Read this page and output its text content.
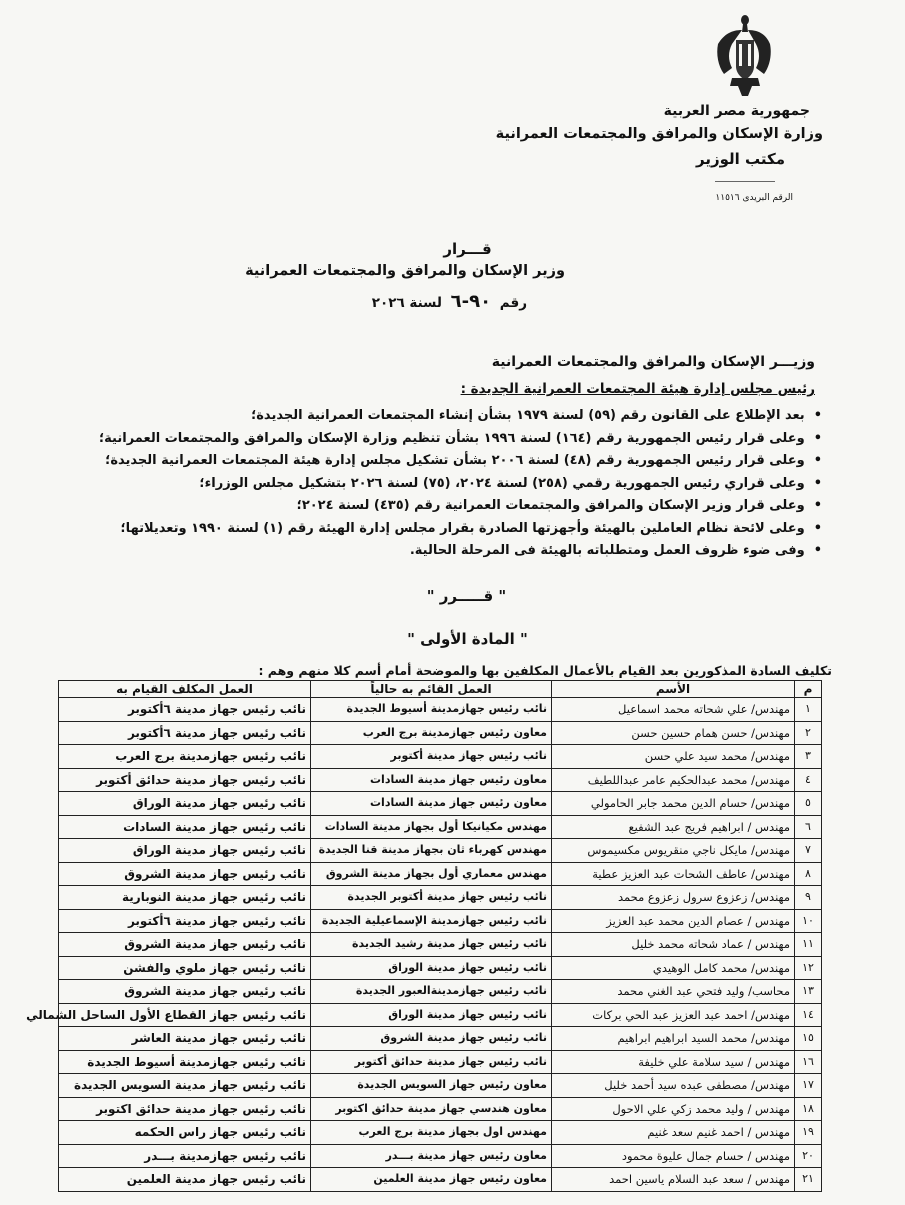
جمهورية مصر العربية
وزارة الإسكان والمرافق والمجتمعات العمرانية
مكتب الوزير
الرقم البريدى ١١٥١٦
قـــرار
وزير الإسكان والمرافق والمجتمعات العمرانية
رقم ٩٠-٦ لسنة ٢٠٢٦
وزيـــر الإسكان والمرافق والمجتمعات العمرانية
رئيس مجلس إدارة هيئة المجتمعات العمرانية الجديدة :
• بعد الإطلاع على القانون رقم (٥٩) لسنة ١٩٧٩ بشأن إنشاء المجتمعات العمرانية الجديدة؛
• وعلى قرار رئيس الجمهورية رقم (١٦٤) لسنة ١٩٩٦ بشأن تنظيم وزارة الإسكان والمرافق والمجتمعات العمرانية؛
• وعلى قرار رئيس الجمهورية رقم (٤٨) لسنة ٢٠٠٦ بشأن تشكيل مجلس إدارة هيئة المجتمعات العمرانية الجديدة؛
• وعلى قراري رئيس الجمهورية رقمي (٢٥٨) لسنة ٢٠٢٤، (٧٥) لسنة ٢٠٢٦ بتشكيل مجلس الوزراء؛
• وعلى قرار وزير الإسكان والمرافق والمجتمعات العمرانية رقم (٤٣٥) لسنة ٢٠٢٤؛
• وعلى لائحة نظام العاملين بالهيئة وأجهزتها الصادرة بقرار مجلس إدارة الهيئة رقم (١) لسنة ١٩٩٠ وتعديلاتها؛
• وفى ضوء ظروف العمل ومتطلباته بالهيئة فى المرحلة الحالية.
" قـــــرر "
" المادة الأولى "
تكليف السادة المذكورين بعد القيام بالأعمال المكلفين بها والموضحة أمام أسم كلا منهم وهم :
م	الأسم	العمل القائم به حالياً	العمل المكلف القيام به
١	مهندس/ علي شحاته محمد اسماعيل	نائب رئيس جهازمدينة أسيوط الجديدة	نائب رئيس جهاز مدينة ٦أكتوبر
٢	مهندس/ حسن همام حسين حسن	معاون رئيس جهازمدينة برج العرب	نائب رئيس جهاز مدينة ٦أكتوبر
٣	مهندس/ محمد سيد علي حسن	نائب رئيس جهاز مدينة أكتوبر	نائب رئيس جهازمدينة برج العرب
٤	مهندس/ محمد عبدالحكيم عامر عبداللطيف	معاون رئيس جهاز مدينة السادات	نائب رئيس جهاز مدينة حدائق أكتوبر
٥	مهندس/ حسام الدين محمد جابر الحامولي	معاون رئيس جهاز مدينة السادات	نائب رئيس جهاز مدينة الوراق
٦	مهندس / ابراهيم فريج عبد الشفيع	مهندس مكيانيكا أول بجهاز مدينة السادات	نائب رئيس جهاز مدينة السادات
٧	مهندس/ مايكل ناجي منقريوس مكسيموس	مهندس كهرباء ثان بجهاز مدينة قنا الجديدة	نائب رئيس جهاز مدينة الوراق
٨	مهندس/ عاطف الشحات عبد العزيز عطية	مهندس معماري أول بجهاز مدينة الشروق	نائب رئيس جهاز مدينة الشروق
٩	مهندس/ زعزوع سرول زعزوع محمد	نائب رئيس جهاز مدينة أكتوبر الجديدة	نائب رئيس جهاز مدينة النوبارية
١٠	مهندس / عصام الدين محمد عبد العزيز	نائب رئيس جهازمدينة الإسماعيلية الجديدة	نائب رئيس جهاز مدينة ٦أكتوبر
١١	مهندس / عماد شحاته محمد خليل	نائب رئيس جهاز مدينة رشيد الجديدة	نائب رئيس جهاز مدينة الشروق
١٢	مهندس/ محمد كامل الوهيدي	نائب رئيس جهاز مدينة الوراق	نائب رئيس جهاز ملوي والفشن
١٣	محاسب/ وليد فتحي عبد الغني محمد	نائب رئيس جهازمدينةالعبور الجديدة	نائب رئيس جهاز مدينة الشروق
١٤	مهندس/ احمد عبد العزيز عبد الحي بركات	نائب رئيس جهاز مدينة الوراق	نائب رئيس جهاز القطاع الأول الساحل الشمالي
١٥	مهندس/ محمد السيد ابراهيم ابراهيم	نائب رئيس جهاز مدينة الشروق	نائب رئيس جهاز مدينة العاشر
١٦	مهندس / سيد سلامة علي خليفة	نائب رئيس جهاز مدينة حدائق أكتوبر	نائب رئيس جهازمدينة أسيوط الجديدة
١٧	مهندس/ مصطفى عبده سيد أحمد خليل	معاون رئيس جهاز السويس الجديدة	نائب رئيس جهاز مدينة السويس الجديدة
١٨	مهندس / وليد محمد زكي علي الاحول	معاون هندسي جهاز مدينة حدائق اكتوبر	نائب رئيس جهاز مدينة حدائق اكتوبر
١٩	مهندس / احمد غنيم سعد غنيم	مهندس اول بجهاز مدينة برج العرب	نائب رئيس جهاز راس الحكمه
٢٠	مهندس / حسام جمال عليوة محمود	معاون رئيس جهاز مدينة بـــدر	نائب رئيس جهازمدينة بـــدر
٢١	مهندس / سعد عبد السلام ياسين احمد	معاون رئيس جهاز مدينة العلمين	نائب رئيس جهاز مدينة العلمين
